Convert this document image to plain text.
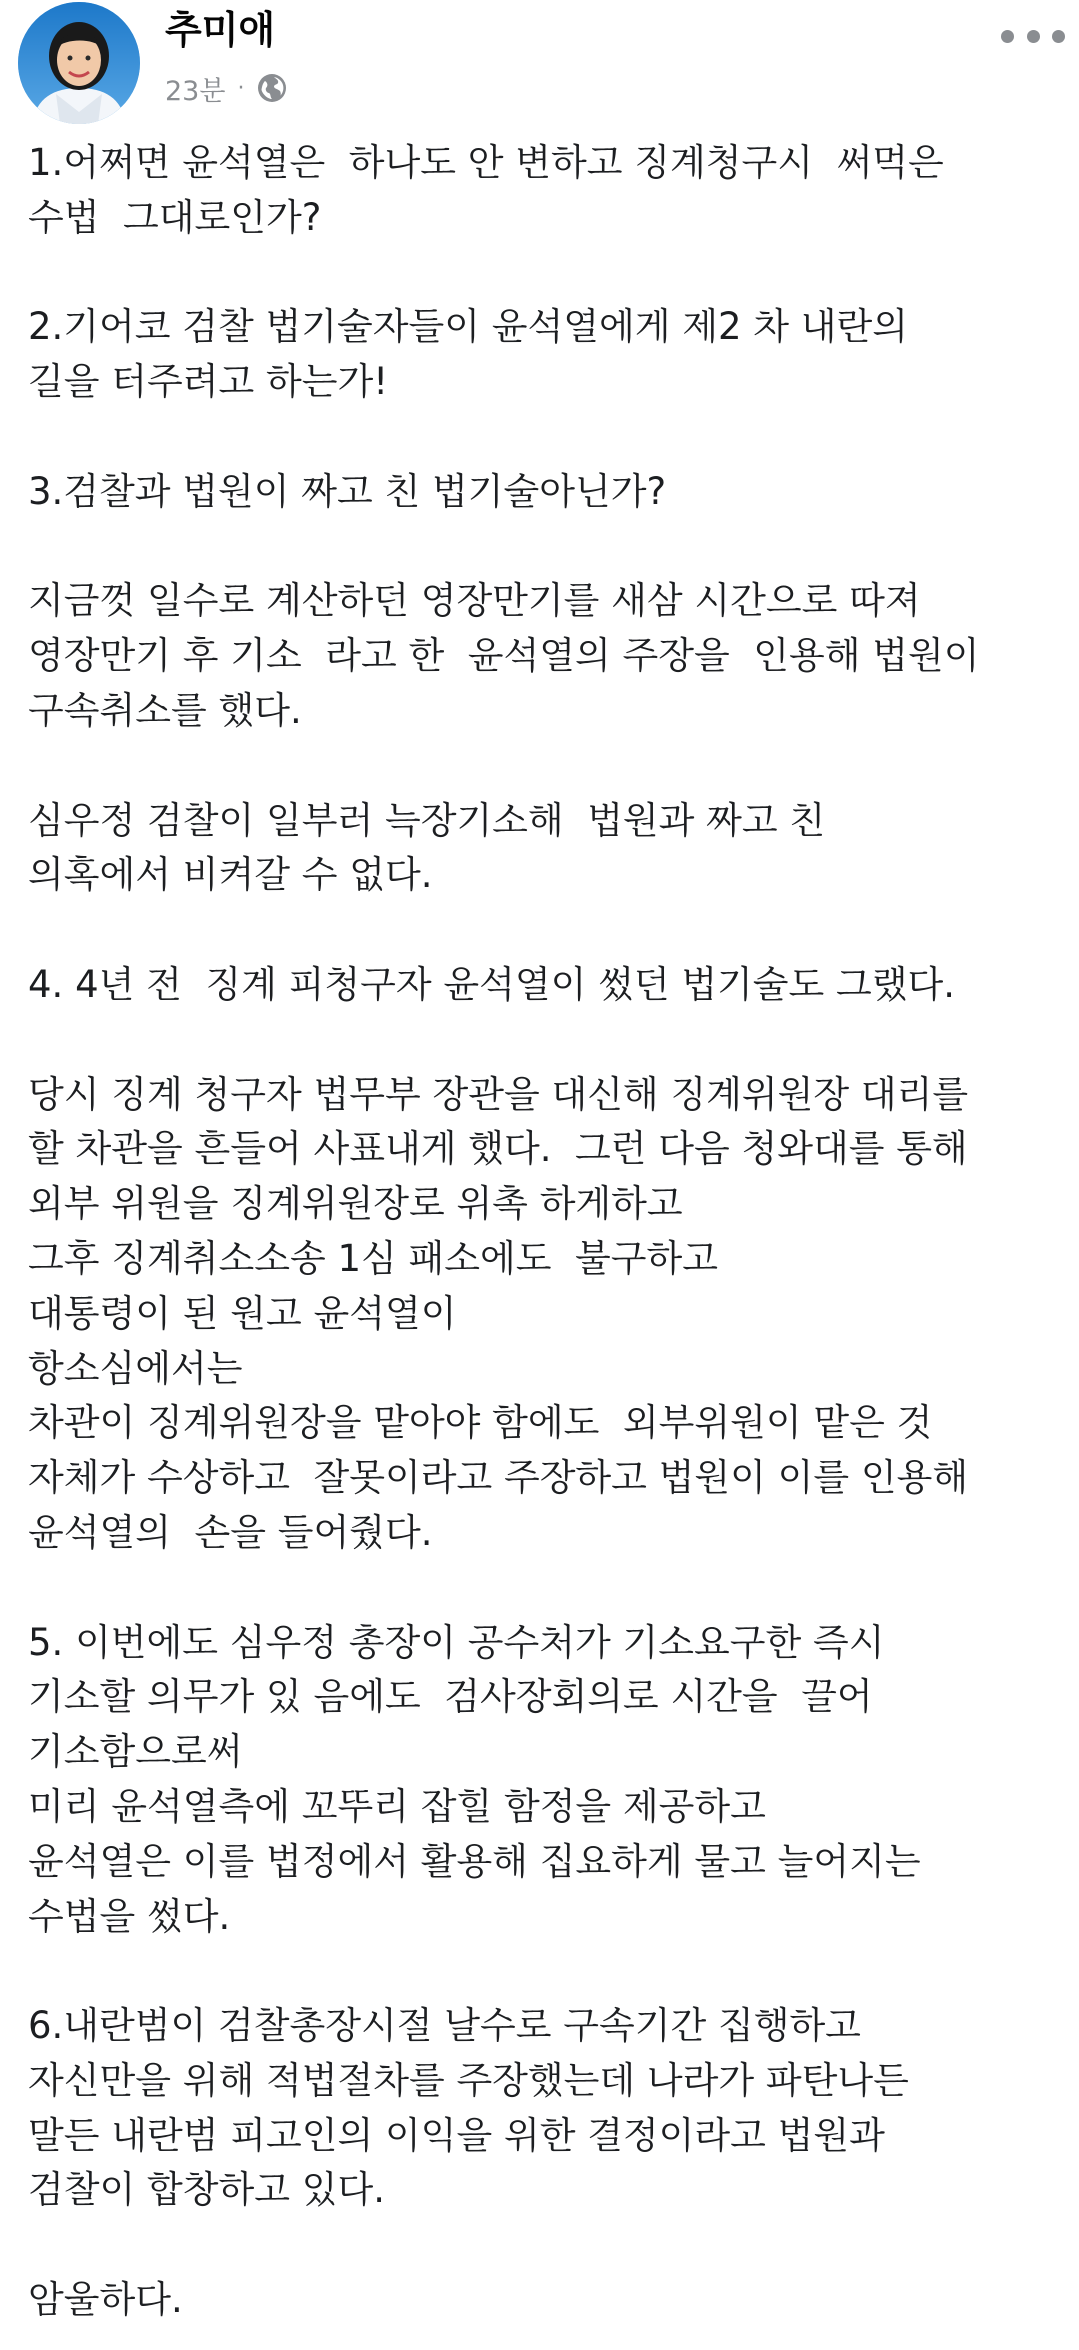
추미애
23분 ·

1.어쩌면 윤석열은  하나도 안 변하고 징계청구시  써먹은
수법  그대로인가?

2.기어코 검찰 법기술자들이 윤석열에게 제2 차 내란의
길을 터주려고 하는가!

3.검찰과 법원이 짜고 친 법기술아닌가?

지금껏 일수로 계산하던 영장만기를 새삼 시간으로 따져
영장만기 후 기소  라고 한  윤석열의 주장을  인용해 법원이
구속취소를 했다.

심우정 검찰이 일부러 늑장기소해  법원과 짜고 친
의혹에서 비켜갈 수 없다.

4. 4년 전  징계 피청구자 윤석열이 썼던 법기술도 그랬다.

당시 징계 청구자 법무부 장관을 대신해 징계위원장 대리를
할 차관을 흔들어 사표내게 했다.  그런 다음 청와대를 통해
외부 위원을 징계위원장로 위촉 하게하고
그후 징계취소소송 1심 패소에도  불구하고
대통령이 된 원고 윤석열이
항소심에서는
차관이 징계위원장을 맡아야 함에도  외부위원이 맡은 것
자체가 수상하고  잘못이라고 주장하고 법원이 이를 인용해
윤석열의  손을 들어줬다.

5. 이번에도 심우정 총장이 공수처가 기소요구한 즉시
기소할 의무가 있 음에도  검사장회의로 시간을  끌어
기소함으로써
미리 윤석열측에 꼬뚜리 잡힐 함정을 제공하고
윤석열은 이를 법정에서 활용해 집요하게 물고 늘어지는
수법을 썼다.

6.내란범이 검찰총장시절 날수로 구속기간 집행하고
자신만을 위해 적법절차를 주장했는데 나라가 파탄나든
말든 내란범 피고인의 이익을 위한 결정이라고 법원과
검찰이 합창하고 있다.

암울하다.
